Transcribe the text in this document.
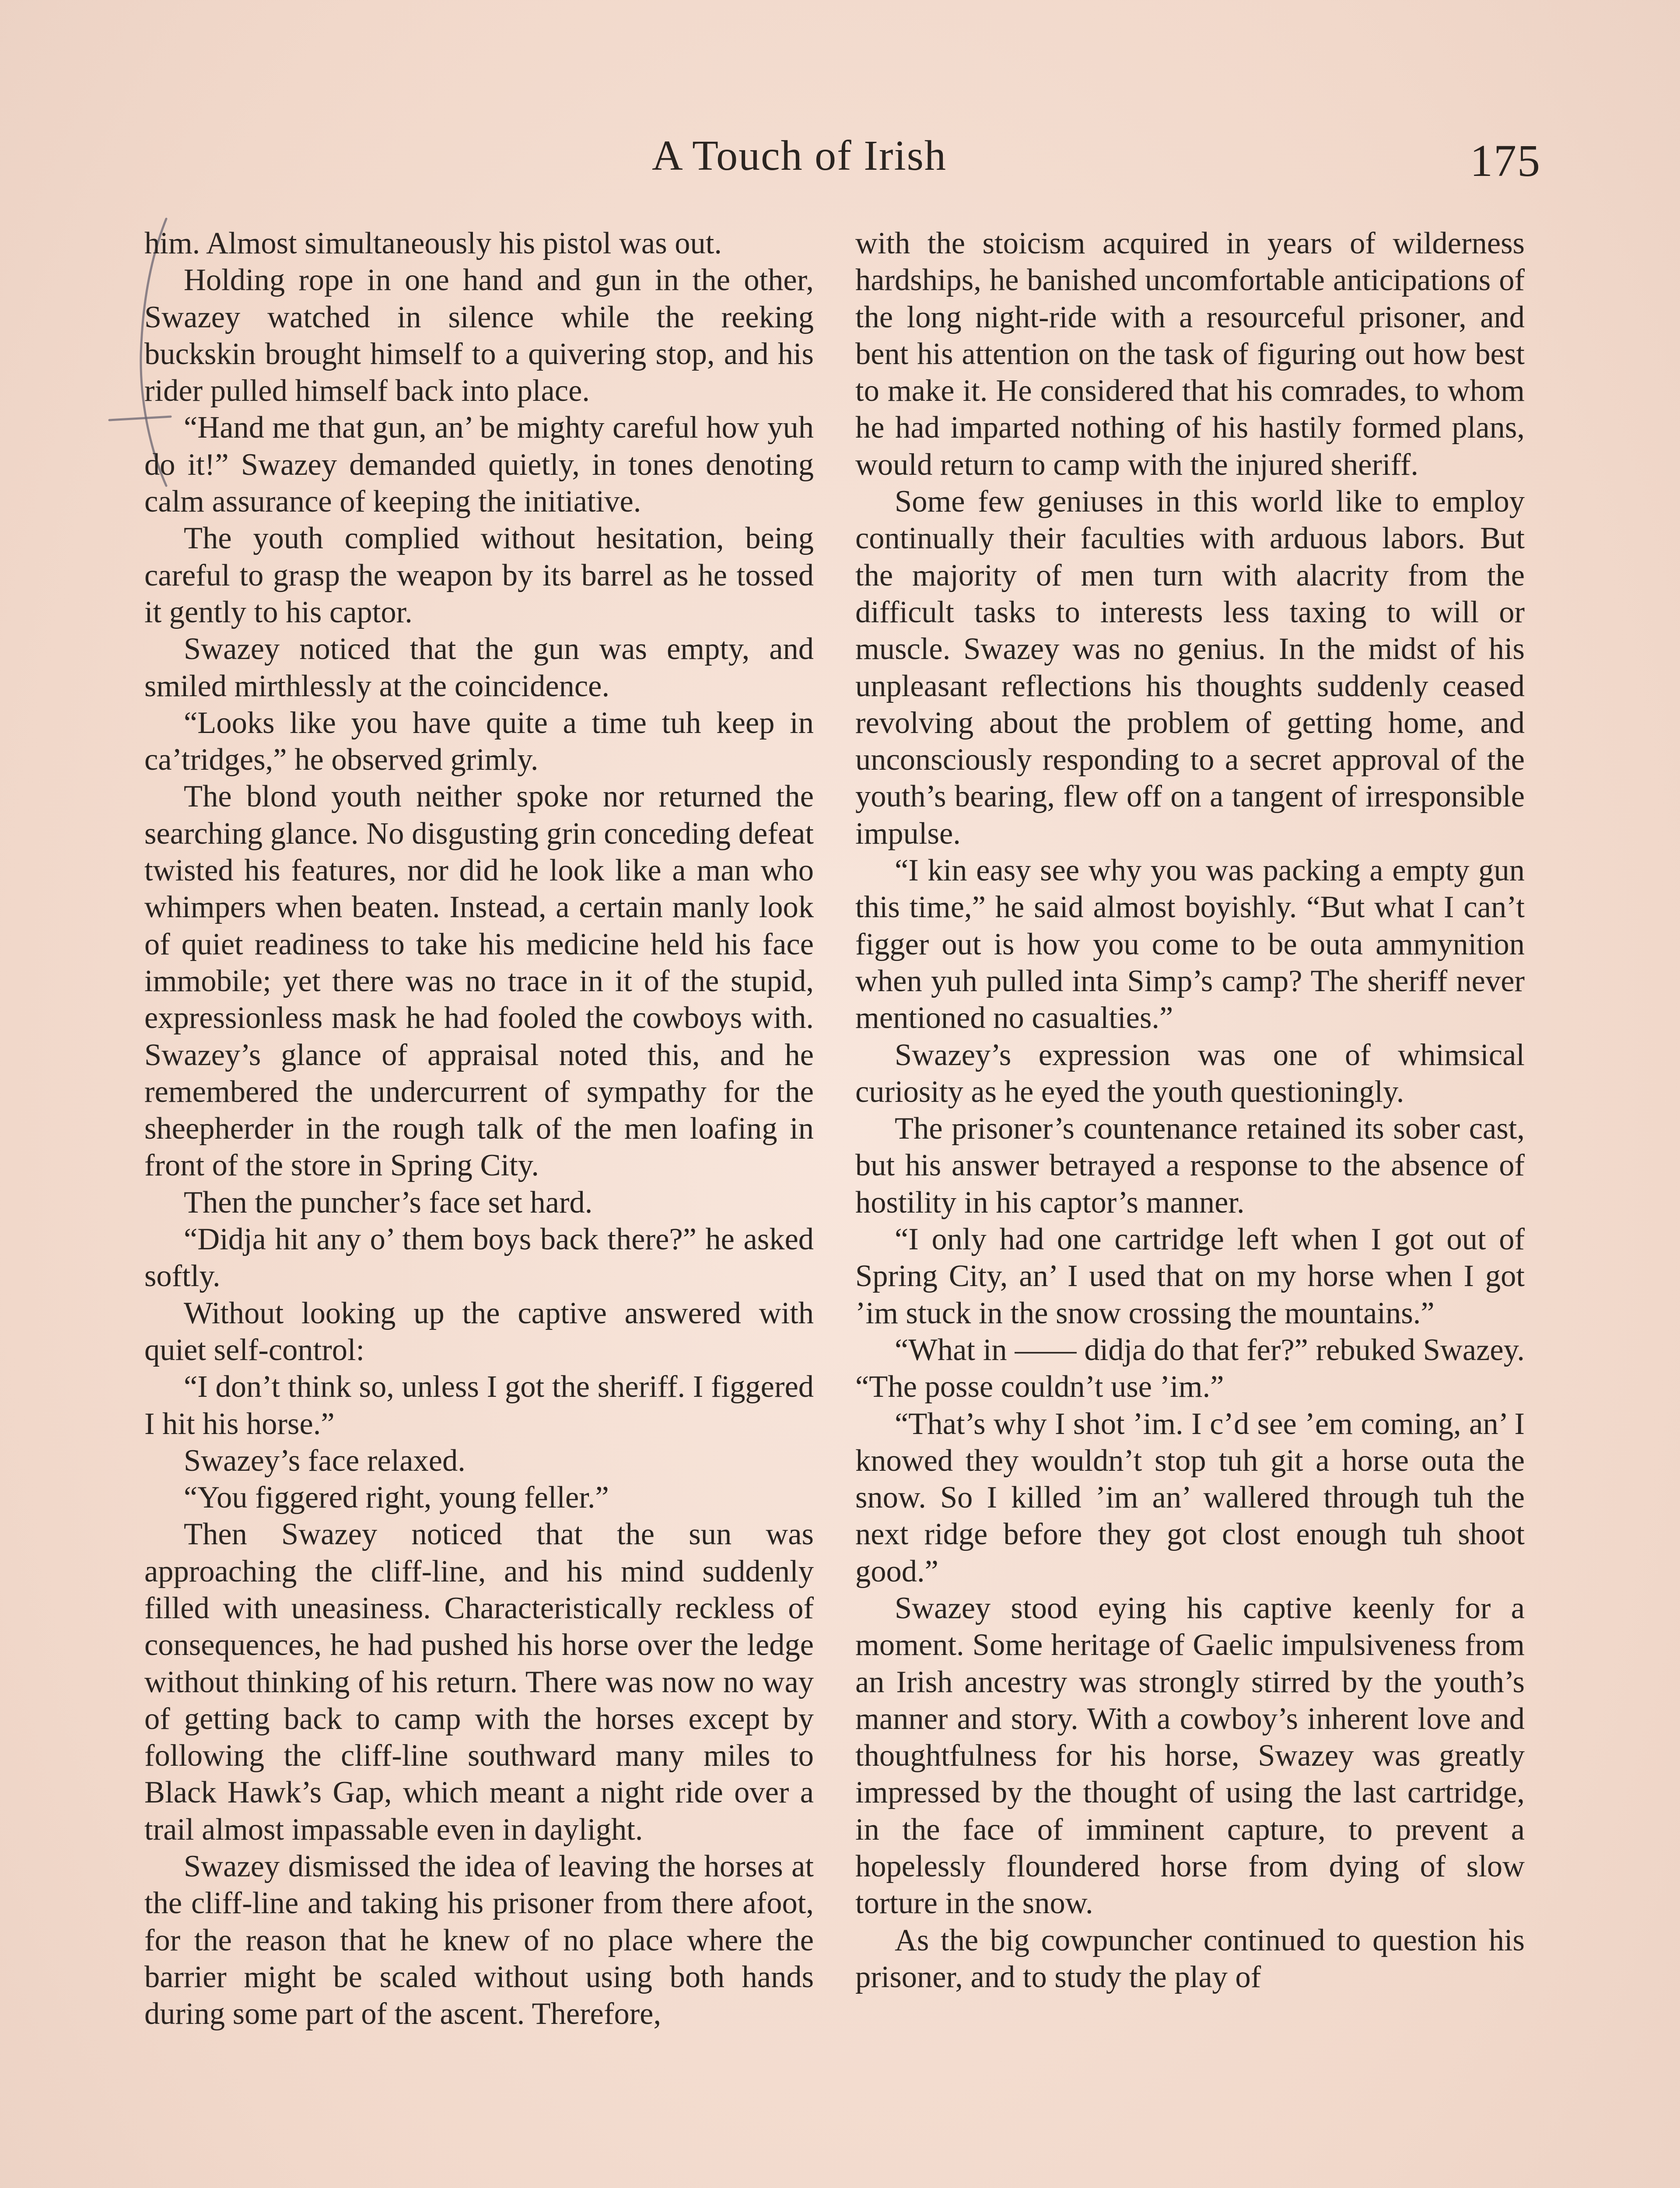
A Touch of Irish	175

him. Almost simultaneously his pistol was out.

Holding rope in one hand and gun in the other, Swazey watched in silence while the reeking buckskin brought himself to a quivering stop, and his rider pulled himself back into place.

“Hand me that gun, an’ be mighty careful how yuh do it!” Swazey demanded quietly, in tones denoting calm assurance of keeping the initiative.

The youth complied without hesitation, being careful to grasp the weapon by its barrel as he tossed it gently to his captor.

Swazey noticed that the gun was empty, and smiled mirthlessly at the coincidence.

“Looks like you have quite a time tuh keep in ca’tridges,” he observed grimly.

The blond youth neither spoke nor returned the searching glance. No disgusting grin conceding defeat twisted his features, nor did he look like a man who whimpers when beaten. Instead, a certain manly look of quiet readiness to take his medicine held his face immobile; yet there was no trace in it of the stupid, expressionless mask he had fooled the cowboys with. Swazey’s glance of appraisal noted this, and he remembered the undercurrent of sympathy for the sheepherder in the rough talk of the men loafing in front of the store in Spring City.

Then the puncher’s face set hard.

“Didja hit any o’ them boys back there?” he asked softly.

Without looking up the captive answered with quiet self-control:

“I don’t think so, unless I got the sheriff. I figgered I hit his horse.”

Swazey’s face relaxed.

“You figgered right, young feller.”

Then Swazey noticed that the sun was approaching the cliff-line, and his mind suddenly filled with uneasiness. Characteristically reckless of consequences, he had pushed his horse over the ledge without thinking of his return. There was now no way of getting back to camp with the horses except by following the cliff-line southward many miles to Black Hawk’s Gap, which meant a night ride over a trail almost impassable even in daylight.

Swazey dismissed the idea of leaving the horses at the cliff-line and taking his prisoner from there afoot, for the reason that he knew of no place where the barrier might be scaled without using both hands during some part of the ascent. Therefore,

with the stoicism acquired in years of wilderness hardships, he banished uncomfortable anticipations of the long night-ride with a resourceful prisoner, and bent his attention on the task of figuring out how best to make it. He considered that his comrades, to whom he had imparted nothing of his hastily formed plans, would return to camp with the injured sheriff.

Some few geniuses in this world like to employ continually their faculties with arduous labors. But the majority of men turn with alacrity from the difficult tasks to interests less taxing to will or muscle. Swazey was no genius. In the midst of his unpleasant reflections his thoughts suddenly ceased revolving about the problem of getting home, and unconsciously responding to a secret approval of the youth’s bearing, flew off on a tangent of irresponsible impulse.

“I kin easy see why you was packing a empty gun this time,” he said almost boyishly. “But what I can’t figger out is how you come to be outa ammynition when yuh pulled inta Simp’s camp? The sheriff never mentioned no casualties.”

Swazey’s expression was one of whimsical curiosity as he eyed the youth questioningly.

The prisoner’s countenance retained its sober cast, but his answer betrayed a response to the absence of hostility in his captor’s manner.

“I only had one cartridge left when I got out of Spring City, an’ I used that on my horse when I got ’im stuck in the snow crossing the mountains.”

“What in —— didja do that fer?” rebuked Swazey. “The posse couldn’t use ’im.”

“That’s why I shot ’im. I c’d see ’em coming, an’ I knowed they wouldn’t stop tuh git a horse outa the snow. So I killed ’im an’ wallered through tuh the next ridge before they got clost enough tuh shoot good.”

Swazey stood eying his captive keenly for a moment. Some heritage of Gaelic impulsiveness from an Irish ancestry was strongly stirred by the youth’s manner and story. With a cowboy’s inherent love and thoughtfulness for his horse, Swazey was greatly impressed by the thought of using the last cartridge, in the face of imminent capture, to prevent a hopelessly floundered horse from dying of slow torture in the snow.

As the big cowpuncher continued to question his prisoner, and to study the play of
